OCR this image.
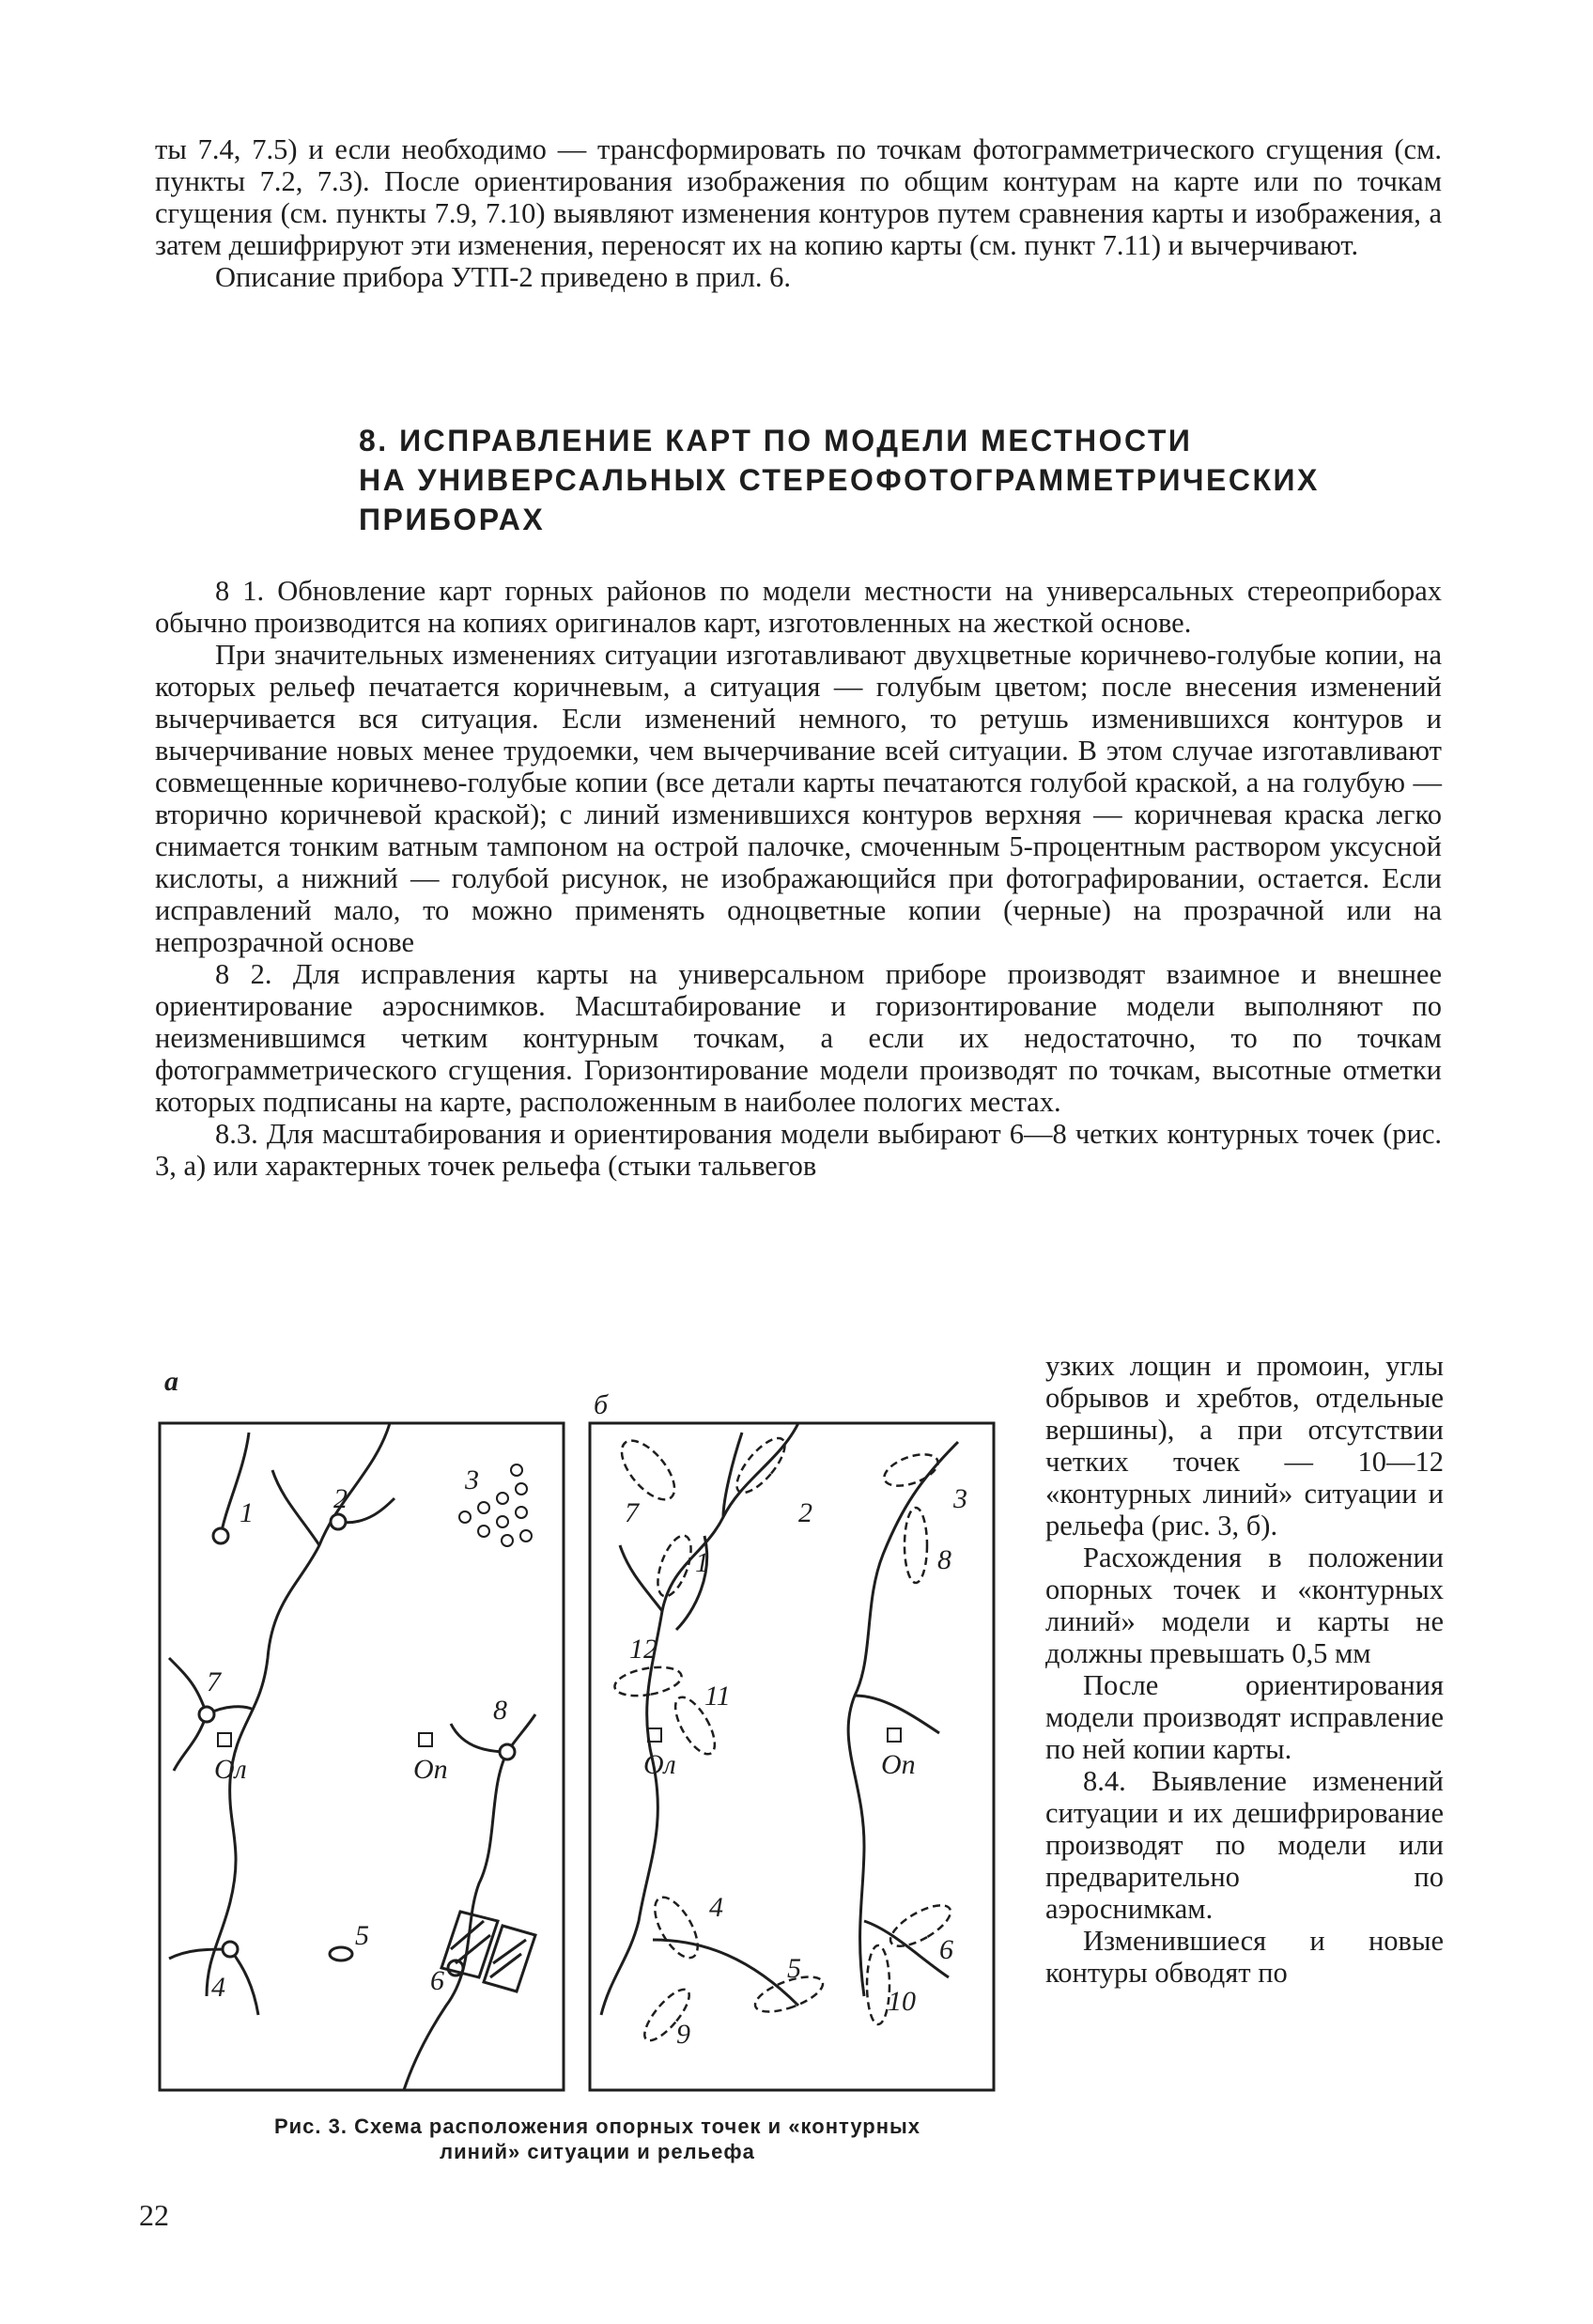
ты 7.4, 7.5) и если необходимо — трансформировать по точкам фотограмметрического сгущения (см. пункты 7.2, 7.3). После ориентирования изображения по общим контурам на карте или по точкам сгущения (см. пункты 7.9, 7.10) выявляют изменения контуров путем сравнения карты и изображения, а затем дешифрируют эти изменения, переносят их на копию карты (см. пункт 7.11) и вычерчивают.

Описание прибора УТП-2 приведено в прил. 6.

8. ИСПРАВЛЕНИЕ КАРТ ПО МОДЕЛИ МЕСТНОСТИ
НА УНИВЕРСАЛЬНЫХ СТЕРЕОФОТОГРАММЕТРИЧЕСКИХ
ПРИБОРАХ

8 1. Обновление карт горных районов по модели местности на универсальных стереоприборах обычно производится на копиях оригиналов карт, изготовленных на жесткой основе.

При значительных изменениях ситуации изготавливают двухцветные коричнево-голубые копии, на которых рельеф печатается коричневым, а ситуация — голубым цветом; после внесения изменений вычерчивается вся ситуация. Если изменений немного, то ретушь изменившихся контуров и вычерчивание новых менее трудоемки, чем вычерчивание всей ситуации. В этом случае изготавливают совмещенные коричнево-голубые копии (все детали карты печатаются голубой краской, а на голубую — вторично коричневой краской); с линий изменившихся контуров верхняя — коричневая краска легко снимается тонким ватным тампоном на острой палочке, смоченным 5-процентным раствором уксусной кислоты, а нижний — голубой рисунок, не изображающийся при фотографировании, остается. Если исправлений мало, то можно применять одноцветные копии (черные) на прозрачной или на непрозрачной основе

8 2. Для исправления карты на универсальном приборе производят взаимное и внешнее ориентирование аэроснимков. Масштабирование и горизонтирование модели выполняют по неизменившимся четким контурным точкам, а если их недостаточно, то по точкам фотограмметрического сгущения. Горизонтирование модели производят по точкам, высотные отметки которых подписаны на карте, расположенным в наиболее пологих местах.

8.3. Для масштабирования и ориентирования модели выбирают 6—8 четких контурных точек (рис. 3, а) или характерных точек рельефа (стыки тальвегов

а
б
1	2
3
7
8
4
5
6
7
1
2	3
8
12
11
4
5
6
10
9
Oл	Oп	Oл	Oп

узких лощин и промоин, углы обрывов и хребтов, отдельные вершины), а при отсутствии четких точек — 10—12 «контурных линий» ситуации и рельефа (рис. 3, б).

Расхождения в положении опорных точек и «контурных линий» модели и карты не должны превышать 0,5 мм

После ориентирования модели производят исправление по ней копии карты.

8.4. Выявление изменений ситуации и их дешифрирование производят по модели или предварительно по аэроснимкам.

Изменившиеся и новые контуры обводят по

Рис. 3. Схема расположения опорных точек и «контурных
линий» ситуации и рельефа
22
